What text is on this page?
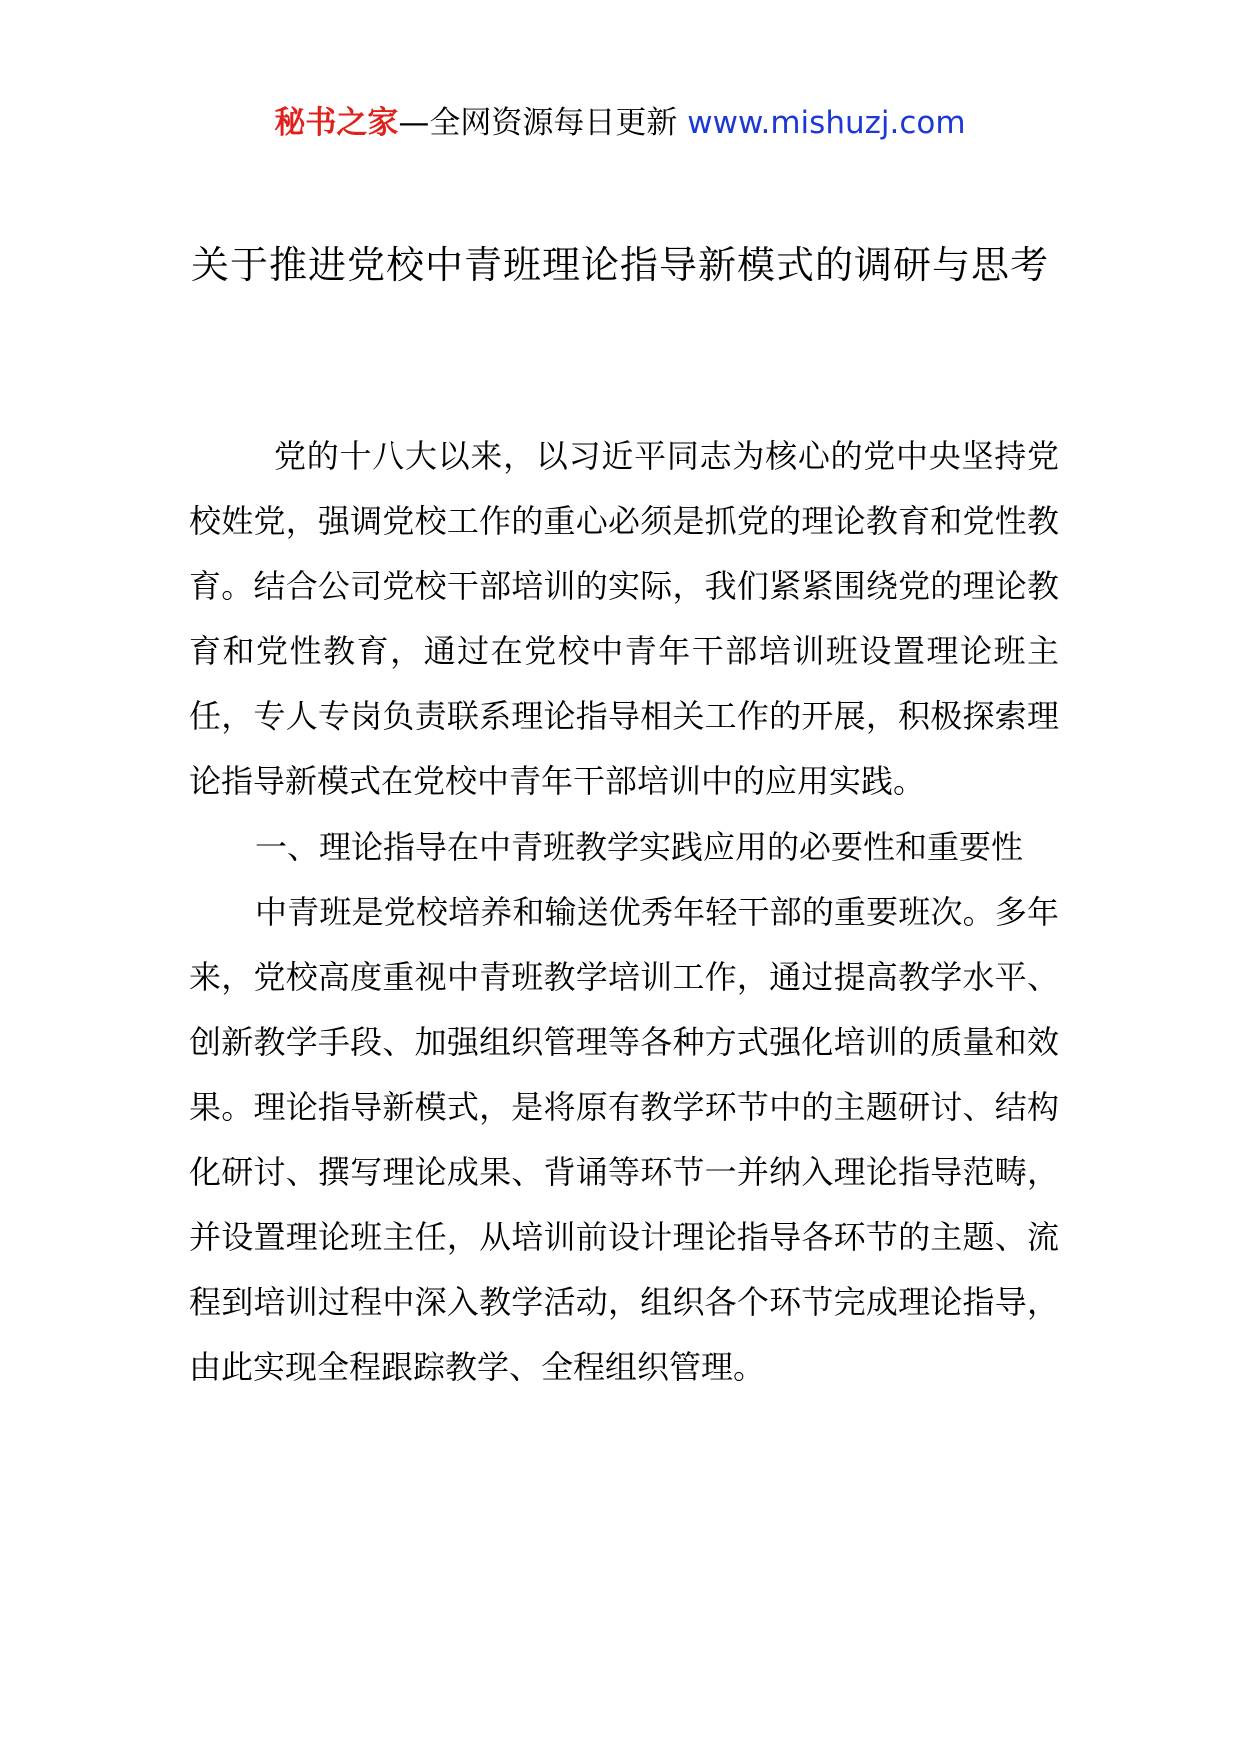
秘书之家—全网资源每日更新 www.mishuzj.com
关于推进党校中青班理论指导新模式的调研与思考

党的十八大以来，以习近平同志为核心的党中央坚持党校姓党，强调党校工作的重心必须是抓党的理论教育和党性教育。结合公司党校干部培训的实际，我们紧紧围绕党的理论教育和党性教育，通过在党校中青年干部培训班设置理论班主任，专人专岗负责联系理论指导相关工作的开展，积极探索理论指导新模式在党校中青年干部培训中的应用实践。

一、理论指导在中青班教学实践应用的必要性和重要性

中青班是党校培养和输送优秀年轻干部的重要班次。多年来，党校高度重视中青班教学培训工作，通过提高教学水平、创新教学手段、加强组织管理等各种方式强化培训的质量和效果。理论指导新模式，是将原有教学环节中的主题研讨、结构化研讨、撰写理论成果、背诵等环节一并纳入理论指导范畴，并设置理论班主任，从培训前设计理论指导各环节的主题、流程到培训过程中深入教学活动，组织各个环节完成理论指导，由此实现全程跟踪教学、全程组织管理。
